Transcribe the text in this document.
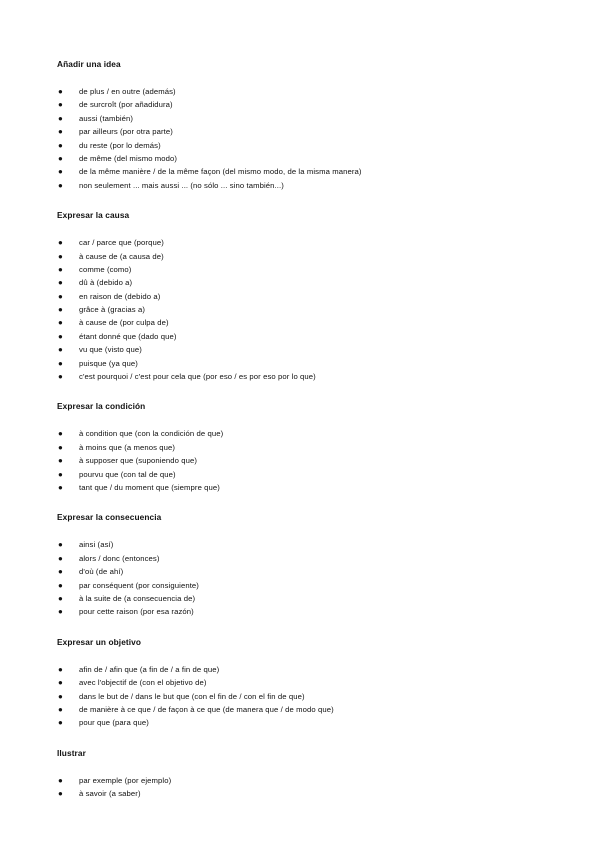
Añadir una idea
● de plus / en outre (además)
● de surcroît (por añadidura)
● aussi (también)
● par ailleurs (por otra parte)
● du reste (por lo demás)
● de même (del mismo modo)
● de la même manière / de la même façon (del mismo modo, de la misma manera)
● non seulement ... mais aussi ... (no sólo ... sino también...)
Expresar la causa
● car / parce que (porque)
● à cause de (a causa de)
● comme (como)
● dû à (debido a)
● en raison de (debido a)
● grâce à (gracias a)
● à cause de (por culpa de)
● étant donné que (dado que)
● vu que (visto que)
● puisque (ya que)
● c'est pourquoi / c'est pour cela que (por eso / es por eso por lo que)
Expresar la condición
● à condition que (con la condición de que)
● à moins que (a menos que)
● à supposer que (suponiendo que)
● pourvu que (con tal de que)
● tant que / du moment que (siempre que)
Expresar la consecuencia
● ainsi (así)
● alors / donc (entonces)
● d'où (de ahí)
● par conséquent (por consiguiente)
● à la suite de (a consecuencia de)
● pour cette raison (por esa razón)
Expresar un objetivo
● afin de / afin que (a fin de / a fin de que)
● avec l'objectif de (con el objetivo de)
● dans le but de / dans le but que (con el fin de / con el fin de que)
● de manière à ce que / de façon à ce que (de manera que / de modo que)
● pour que (para que)
Ilustrar
● par exemple (por ejemplo)
● à savoir (a saber)
